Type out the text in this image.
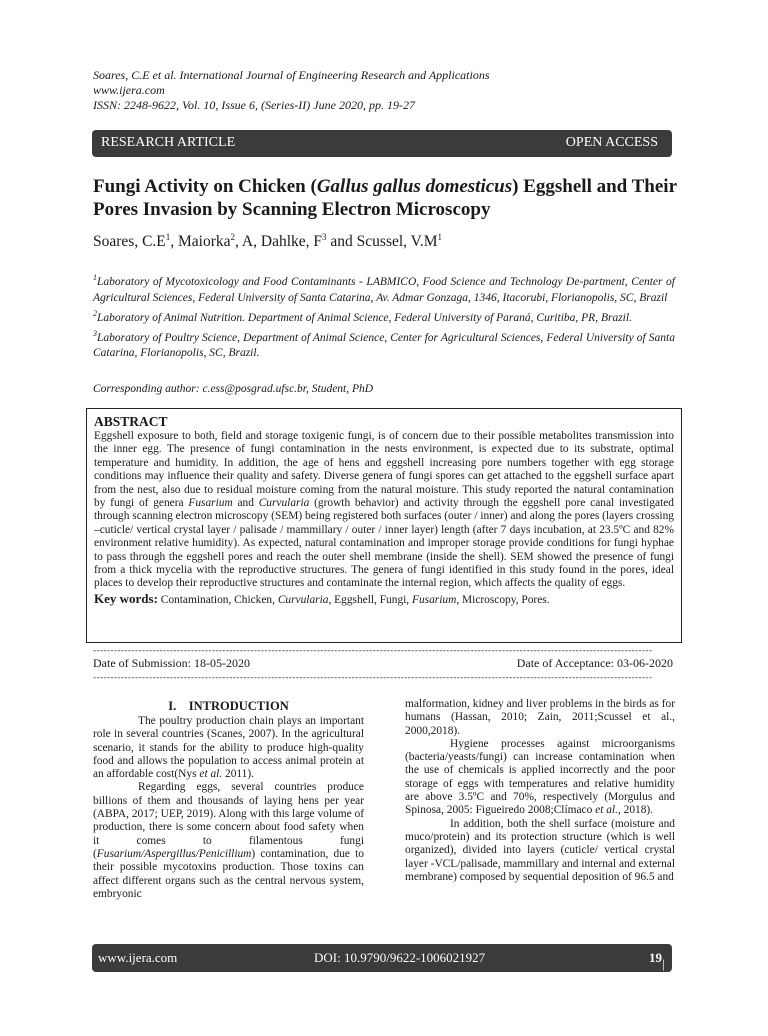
Soares, C.E et al. International Journal of Engineering Research and Applications
www.ijera.com
ISSN: 2248-9622, Vol. 10, Issue 6, (Series-II) June 2020, pp. 19-27
RESEARCH ARTICLE	OPEN ACCESS
Fungi Activity on Chicken (Gallus gallus domesticus) Eggshell and Their Pores Invasion by Scanning Electron Microscopy
Soares, $C.E^1$, Maiorka$^2$, A, Dahlke, $F^3$ and Scussel, $V.M^1$

$^1$Laboratory of Mycotoxicology and Food Contaminants - LABMICO, Food Science and Technology De-partment, Center of Agricultural Sciences, Federal University of Santa Catarina, Av. Admar Gonzaga, 1346, Itacorubi, Florianopolis, SC, Brazil

$^2$Laboratory of Animal Nutrition. Department of Animal Science, Federal University of Paraná, Curitiba, PR, Brazil.

$^3$Laboratory of Poultry Science, Department of Animal Science, Center for Agricultural Sciences, Federal University of Santa Catarina, Florianopolis, SC, Brazil.

Corresponding author: c.ess@posgrad.ufsc.br, Student, PhD
ABSTRACT
Eggshell exposure to both, field and storage toxigenic fungi, is of concern due to their possible metabolites transmission into the inner egg. The presence of fungi contamination in the nests environment, is expected due to its substrate, optimal temperature and humidity. In addition, the age of hens and eggshell increasing pore numbers together with egg storage conditions may influence their quality and safety. Diverse genera of fungi spores can get attached to the eggshell surface apart from the nest, also due to residual moisture coming from the natural moisture. This study reported the natural contamination by fungi of genera Fusarium and Curvularia (growth behavior) and activity through the eggshell pore canal investigated through scanning electron microscopy (SEM) being registered both surfaces (outer / inner) and along the pores (layers crossing –cuticle/ vertical crystal layer / palisade / mammillary / outer / inner layer) length (after 7 days incubation, at 23.5ºC and 82% environment relative humidity). As expected, natural contamination and improper storage provide conditions for fungi hyphae to pass through the eggshell pores and reach the outer shell membrane (inside the shell). SEM showed the presence of fungi from a thick mycelia with the reproductive structures. The genera of fungi identified in this study found in the pores, ideal places to develop their reproductive structures and contaminate the internal region, which affects the quality of eggs.
Key words: Contamination, Chicken, Curvularia, Eggshell, Fungi, Fusarium, Microscopy, Pores.
----------------------------------------------------------------------------------------------------------------------------------------------------------------
Date of Submission: 18-05-2020	Date of Acceptance: 03-06-2020
----------------------------------------------------------------------------------------------------------------------------------------------------------------
I.    INTRODUCTION

The poultry production chain plays an important role in several countries (Scanes, 2007). In the agricultural scenario, it stands for the ability to produce high-quality food and allows the population to access animal protein at an affordable cost(Nys et al. 2011).

Regarding eggs, several countries produce billions of them and thousands of laying hens per year (ABPA, 2017; UEP, 2019). Along with this large volume of production, there is some concern about food safety when it comes to filamentous fungi (Fusarium/Aspergillus/Penicillium) contamination, due to their possible mycotoxins production. Those toxins can affect different organs such as the central nervous system, embryonic

malformation, kidney and liver problems in the birds as for humans (Hassan, 2010; Zain, 2011;Scussel et al., 2000,2018).

Hygiene processes against microorganisms (bacteria/yeasts/fungi) can increase contamination when the use of chemicals is applied incorrectly and the poor storage of eggs with temperatures and relative humidity are above 3.5ºC and 70%, respectively (Morgulus and Spinosa, 2005: Figueiredo 2008;Clímaco et al., 2018).

In addition, both the shell surface (moisture and muco/protein) and its protection structure (which is well organized), divided into layers (cuticle/ vertical crystal layer -VCL/palisade, mammillary and internal and external membrane) composed by sequential deposition of 96.5 and

www.ijera.com	DOI: 10.9790/9622-1006021927	19 | P a g e
